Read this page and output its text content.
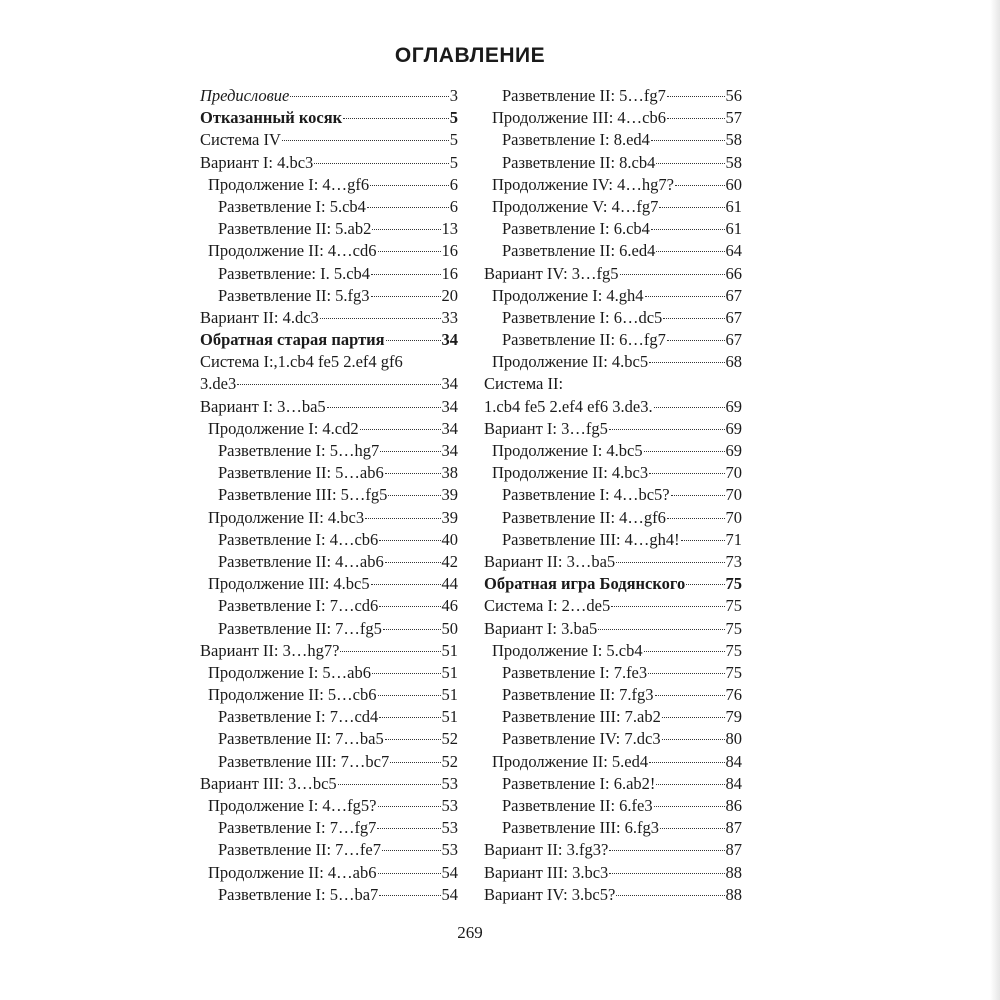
ОГЛАВЛЕНИЕ
Предисловие	3
Отказанный косяк	5
Система IV	5
Вариант I: 4.bc3	5
Продолжение I: 4…gf6	6
Разветвление I: 5.cb4	6
Разветвление II: 5.ab2	13
Продолжение II: 4…cd6	16
Разветвление: I. 5.cb4	16
Разветвление II: 5.fg3	20
Вариант II: 4.dc3	33
Обратная старая партия	34
Система I:,1.cb4 fe5 2.ef4 gf6
3.de3	34
Вариант I: 3…ba5	34
Продолжение I: 4.cd2	34
Разветвление I: 5…hg7	34
Разветвление II: 5…ab6	38
Разветвление III: 5…fg5	39
Продолжение II: 4.bc3	39
Разветвление I: 4…cb6	40
Разветвление II: 4…ab6	42
Продолжение III: 4.bc5	44
Разветвление I: 7…cd6	46
Разветвление II: 7…fg5	50
Вариант II: 3…hg7?	51
Продолжение I: 5…ab6	51
Продолжение II: 5…cb6	51
Разветвление I: 7…cd4	51
Разветвление II: 7…ba5	52
Разветвление III: 7…bc7	52
Вариант III: 3…bc5	53
Продолжение I: 4…fg5?	53
Разветвление I: 7…fg7	53
Разветвление II: 7…fe7	53
Продолжение II: 4…ab6	54
Разветвление I: 5…ba7	54
Разветвление II: 5…fg7	56
Продолжение III: 4…cb6	57
Разветвление I: 8.ed4	58
Разветвление II: 8.cb4	58
Продолжение IV: 4…hg7?	60
Продолжение V: 4…fg7	61
Разветвление I: 6.cb4	61
Разветвление II: 6.ed4	64
Вариант IV: 3…fg5	66
Продолжение I: 4.gh4	67
Разветвление I: 6…dc5	67
Разветвление II: 6…fg7	67
Продолжение II: 4.bc5	68
Система II:
1.cb4 fe5 2.ef4 ef6 3.de3.	69
Вариант I: 3…fg5	69
Продолжение I: 4.bc5	69
Продолжение II: 4.bc3	70
Разветвление I: 4…bc5?	70
Разветвление II: 4…gf6	70
Разветвление III: 4…gh4!	71
Вариант II: 3…ba5	73
Обратная игра Бодянского 75
Система I: 2…de5	75
Вариант I: 3.ba5	75
Продолжение I: 5.cb4	75
Разветвление I: 7.fe3	75
Разветвление II: 7.fg3	76
Разветвление III: 7.ab2	79
Разветвление IV: 7.dc3	80
Продолжение II: 5.ed4	84
Разветвление I: 6.ab2!	84
Разветвление II: 6.fe3	86
Разветвление III: 6.fg3	87
Вариант II: 3.fg3?	87
Вариант III: 3.bc3	88
Вариант IV: 3.bc5?	88
269
